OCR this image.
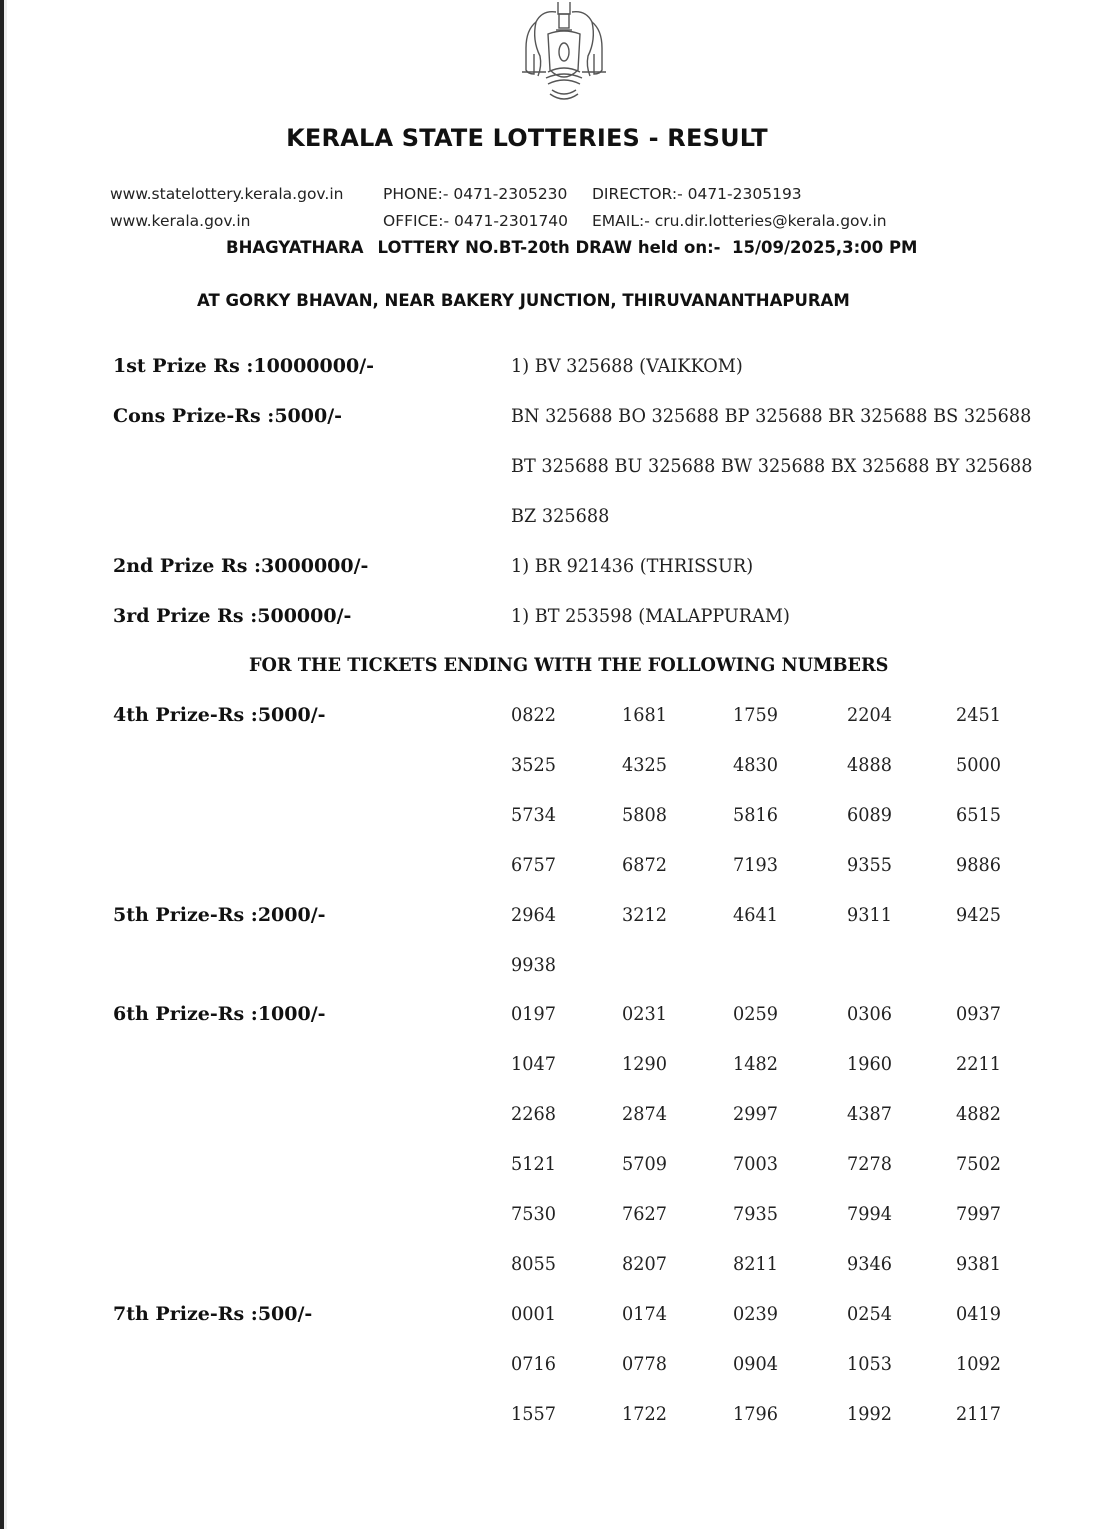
KERALA STATE LOTTERIES - RESULT
www.statelottery.kerala.gov.in
www.kerala.gov.in
PHONE:- 0471-2305230
OFFICE:- 0471-2301740
DIRECTOR:- 0471-2305193
EMAIL:- cru.dir.lotteries@kerala.gov.in
BHAGYATHARA LOTTERY NO.BT-20th DRAW held on:- 15/09/2025,3:00 PM
AT GORKY BHAVAN, NEAR BAKERY JUNCTION, THIRUVANANTHAPURAM
1st Prize Rs :10000000/-	1) BV 325688 (VAIKKOM)
Cons Prize-Rs :5000/-	BN 325688 BO 325688 BP 325688 BR 325688 BS 325688
BT 325688 BU 325688 BW 325688 BX 325688 BY 325688
BZ 325688
2nd Prize Rs :3000000/-	1) BR 921436 (THRISSUR)
3rd Prize Rs :500000/-	1) BT 253598 (MALAPPURAM)
FOR THE TICKETS ENDING WITH THE FOLLOWING NUMBERS
4th Prize-Rs :5000/-	0822	1681	1759	2204	2451
3525	4325	4830	4888	5000
5734	5808	5816	6089	6515
6757	6872	7193	9355	9886
5th Prize-Rs :2000/-	2964	3212	4641	9311	9425
9938
6th Prize-Rs :1000/-	0197	0231	0259	0306	0937
1047	1290	1482	1960	2211
2268	2874	2997	4387	4882
5121	5709	7003	7278	7502
7530	7627	7935	7994	7997
8055	8207	8211	9346	9381
7th Prize-Rs :500/-	0001	0174	0239	0254	0419
0716	0778	0904	1053	1092
1557	1722	1796	1992	2117
